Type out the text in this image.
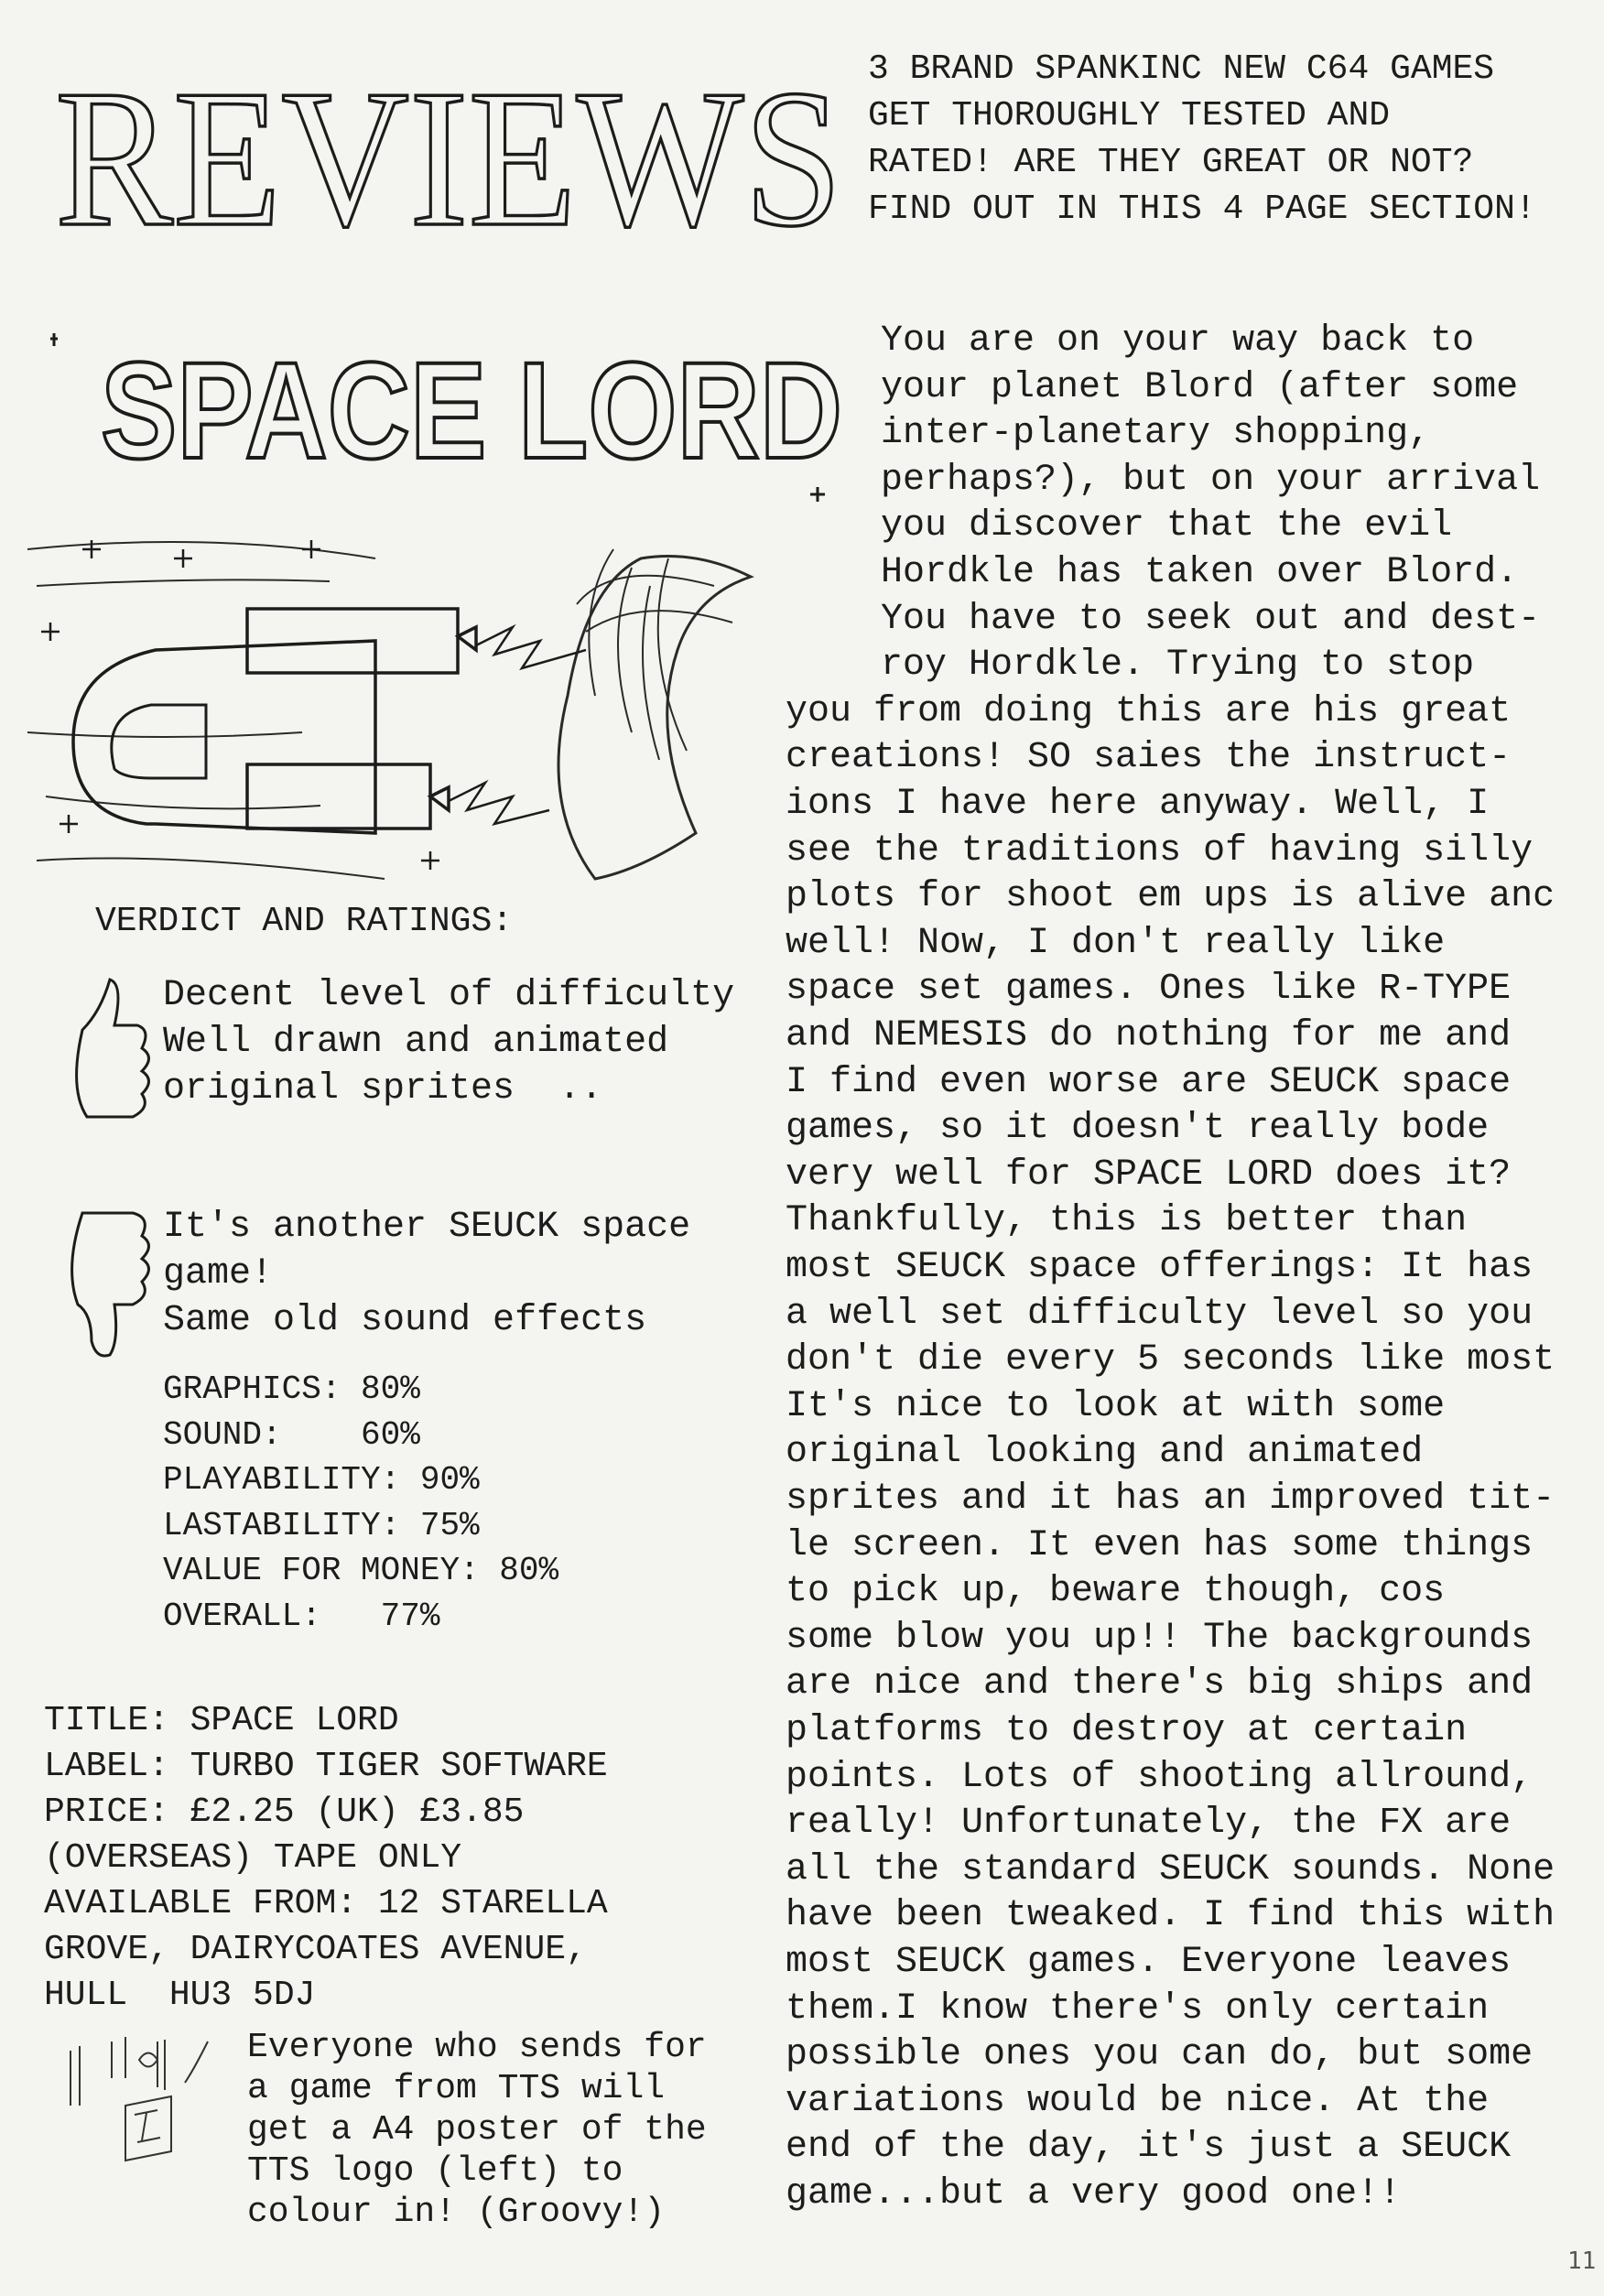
REVIEWS 3 BRAND SPANKINC NEW C64 GAMES
GET THOROUGHLY TESTED AND
RATED! ARE THEY GREAT OR NOT?
FIND OUT IN THIS 4 PAGE SECTION!
SPACE LORD You are on your way back to
your planet Blord (after some
inter-planetary shopping,
perhaps?), but on your arrival
you discover that the evil
Hordkle has taken over Blord.
You have to seek out and dest-
roy Hordkle. Trying to stop
you from doing this are his great
creations! SO saies the instruct-
ions I have here anyway. Well, I
see the traditions of having silly
plots for shoot em ups is alive anc
well! Now, I don't really like
space set games. Ones like R-TYPE
and NEMESIS do nothing for me and
I find even worse are SEUCK space
games, so it doesn't really bode
very well for SPACE LORD does it?
Thankfully, this is better than
most SEUCK space offerings: It has
a well set difficulty level so you
don't die every 5 seconds like most
It's nice to look at with some
original looking and animated
sprites and it has an improved tit-
le screen. It even has some things
to pick up, beware though, cos
some blow you up!! The backgrounds
are nice and there's big ships and
platforms to destroy at certain
points. Lots of shooting allround,
really! Unfortunately, the FX are
all the standard SEUCK sounds. None
have been tweaked. I find this with
most SEUCK games. Everyone leaves
them.I know there's only certain
possible ones you can do, but some
variations would be nice. At the
end of the day, it's just a SEUCK
game...but a very good one!!
VERDICT AND RATINGS:
Decent level of difficulty
Well drawn and animated
original sprites  ..
It's another SEUCK space
game!
Same old sound effects
GRAPHICS: 80%
SOUND:    60%
PLAYABILITY: 90%
LASTABILITY: 75%
VALUE FOR MONEY: 80%
OVERALL:   77%
TITLE: SPACE LORD
LABEL: TURBO TIGER SOFTWARE
PRICE: £2.25 (UK) £3.85
(OVERSEAS) TAPE ONLY
AVAILABLE FROM: 12 STARELLA
GROVE, DAIRYCOATES AVENUE,
HULL  HU3 5DJ
Everyone who sends for
a game from TTS will
get a A4 poster of the
TTS logo (left) to
colour in! (Groovy!)
11
